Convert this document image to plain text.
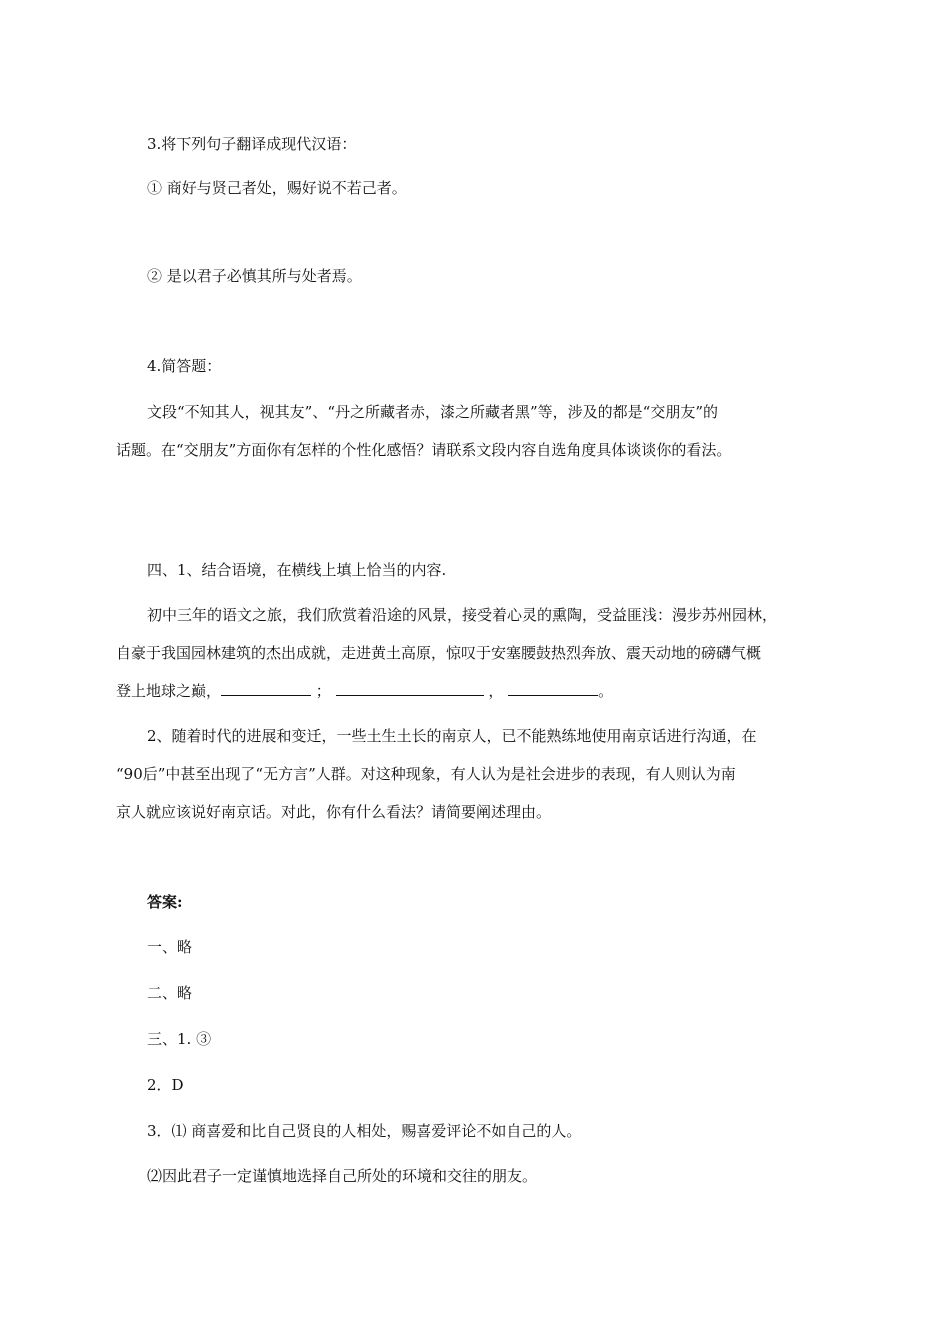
3.将下列句子翻译成现代汉语：
① 商好与贤己者处，赐好说不若己者。
② 是以君子必慎其所与处者焉。
4.简答题：
文段“不知其人，视其友”、“丹之所藏者赤，漆之所藏者黑”等，涉及的都是“交朋友”的
话题。在“交朋友”方面你有怎样的个性化感悟？请联系文段内容自选角度具体谈谈你的看法。
四、1、结合语境，在横线上填上恰当的内容.
初中三年的语文之旅，我们欣赏着沿途的风景，接受着心灵的熏陶，受益匪浅：漫步苏州园林，
自豪于我国园林建筑的杰出成就，走进黄土高原，惊叹于安塞腰鼓热烈奔放、震天动地的磅礴气概
登上地球之巅，	；	，	。
2、随着时代的进展和变迁，一些土生土长的南京人，已不能熟练地使用南京话进行沟通，在
“90后”中甚至出现了“无方言”人群。对这种现象，有人认为是社会进步的表现，有人则认为南
京人就应该说好南京话。对此，你有什么看法？请简要阐述理由。
答案:
一、略
二、略
三、1. ③
2．D
3．⑴ 商喜爱和比自己贤良的人相处，赐喜爱评论不如自己的人。
⑵因此君子一定谨慎地选择自己所处的环境和交往的朋友。
